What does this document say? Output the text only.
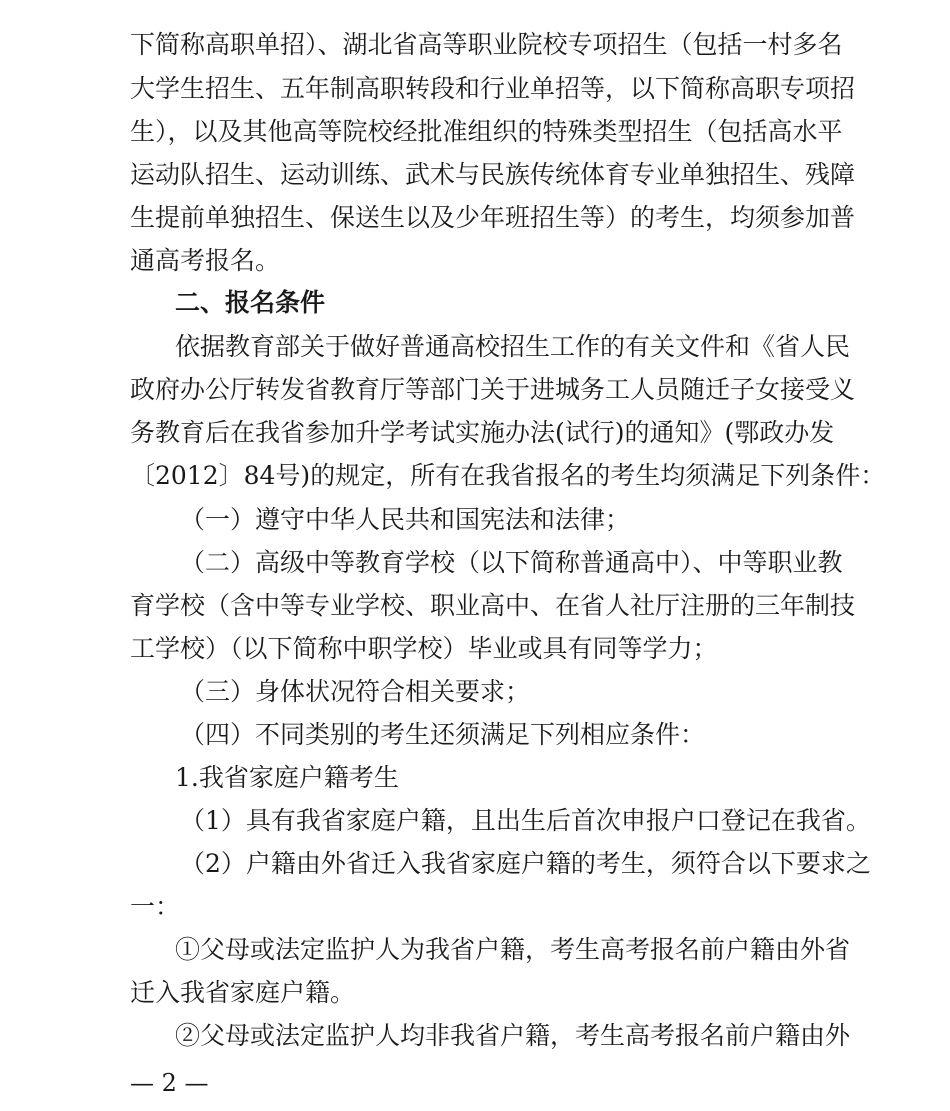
下简称高职单招）、湖北省高等职业院校专项招生（包括一村多名
大学生招生、五年制高职转段和行业单招等，以下简称高职专项招
生），以及其他高等院校经批准组织的特殊类型招生（包括高水平
运动队招生、运动训练、武术与民族传统体育专业单独招生、残障
生提前单独招生、保送生以及少年班招生等）的考生，均须参加普
通高考报名。
二、报名条件
依据教育部关于做好普通高校招生工作的有关文件和《省人民
政府办公厅转发省教育厅等部门关于进城务工人员随迁子女接受义
务教育后在我省参加升学考试实施办法(试行)的通知》(鄂政办发
〔2012〕84号)的规定，所有在我省报名的考生均须满足下列条件：
（一）遵守中华人民共和国宪法和法律；
（二）高级中等教育学校（以下简称普通高中）、中等职业教
育学校（含中等专业学校、职业高中、在省人社厅注册的三年制技
工学校）（以下简称中职学校）毕业或具有同等学力；
（三）身体状况符合相关要求；
（四）不同类别的考生还须满足下列相应条件：
1.我省家庭户籍考生
（1）具有我省家庭户籍，且出生后首次申报户口登记在我省。
（2）户籍由外省迁入我省家庭户籍的考生，须符合以下要求之
一：
①父母或法定监护人为我省户籍，考生高考报名前户籍由外省
迁入我省家庭户籍。
②父母或法定监护人均非我省户籍，考生高考报名前户籍由外
— 2 —
